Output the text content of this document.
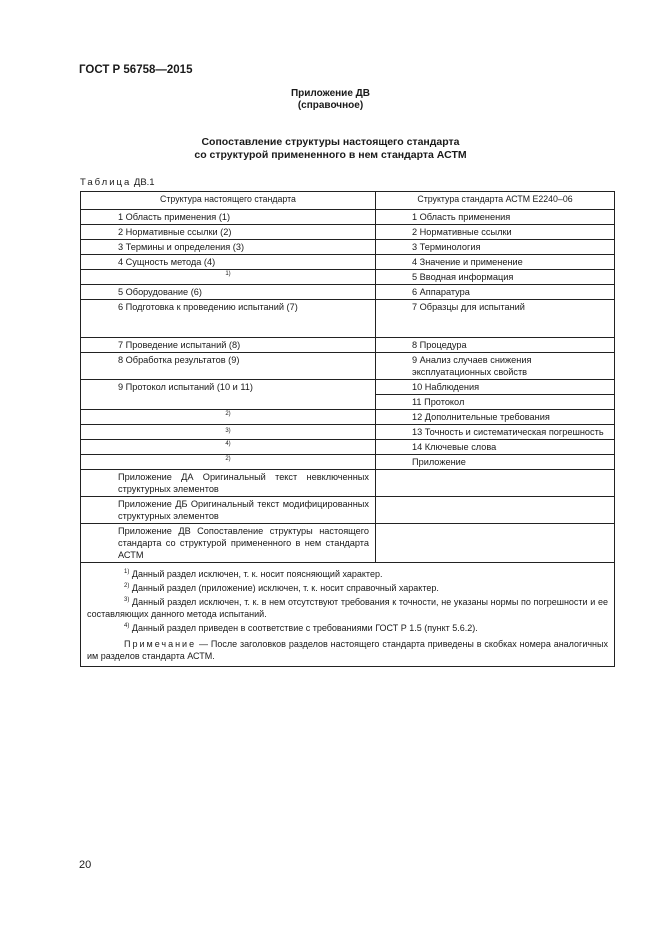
ГОСТ Р 56758—2015
Приложение ДВ
(справочное)
Сопоставление структуры настоящего стандарта
со структурой примененного в нем стандарта АСТМ
Таблица ДВ.1
Структура настоящего стандарта	Структура стандарта АСТМ Е2240–06
1 Область применения (1)	1 Область применения
2 Нормативные ссылки (2)	2 Нормативные ссылки
3 Термины и определения (3)	3 Терминология
4 Сущность метода (4)	4 Значение и применение
1)	5 Вводная информация
5 Оборудование (6)	6 Аппаратура
6 Подготовка к проведению испытаний (7)	7 Образцы для испытаний
7 Проведение испытаний (8)	8 Процедура
8 Обработка результатов (9)	9 Анализ случаев снижения эксплуатационных свойств
9 Протокол испытаний (10 и 11)	10 Наблюдения
	11 Протокол
2)	12 Дополнительные требования
3)	13 Точность и систематическая погрешность
4)	14 Ключевые слова
2)	Приложение
Приложение ДА Оригинальный текст невключенных структурных элементов	
Приложение ДБ Оригинальный текст модифицированных структурных элементов	
Приложение ДВ Сопоставление структуры настоящего стандарта со структурой примененного в нем стандарта АСТМ	

$^{1)}$ Данный раздел исключен, т. к. носит поясняющий характер.

$^{2)}$ Данный раздел (приложение) исключен, т. к. носит справочный характер.

$^{3)}$ Данный раздел исключен, т. к. в нем отсутствуют требования к точности, не указаны нормы по погрешности и ее составляющих данного метода испытаний.

$^{4)}$ Данный раздел приведен в соответствие с требованиями ГОСТ Р 1.5 (пункт 5.6.2).

Примечание — После заголовков разделов настоящего стандарта приведены в скобках номера аналогичных им разделов стандарта АСТМ.	

20
